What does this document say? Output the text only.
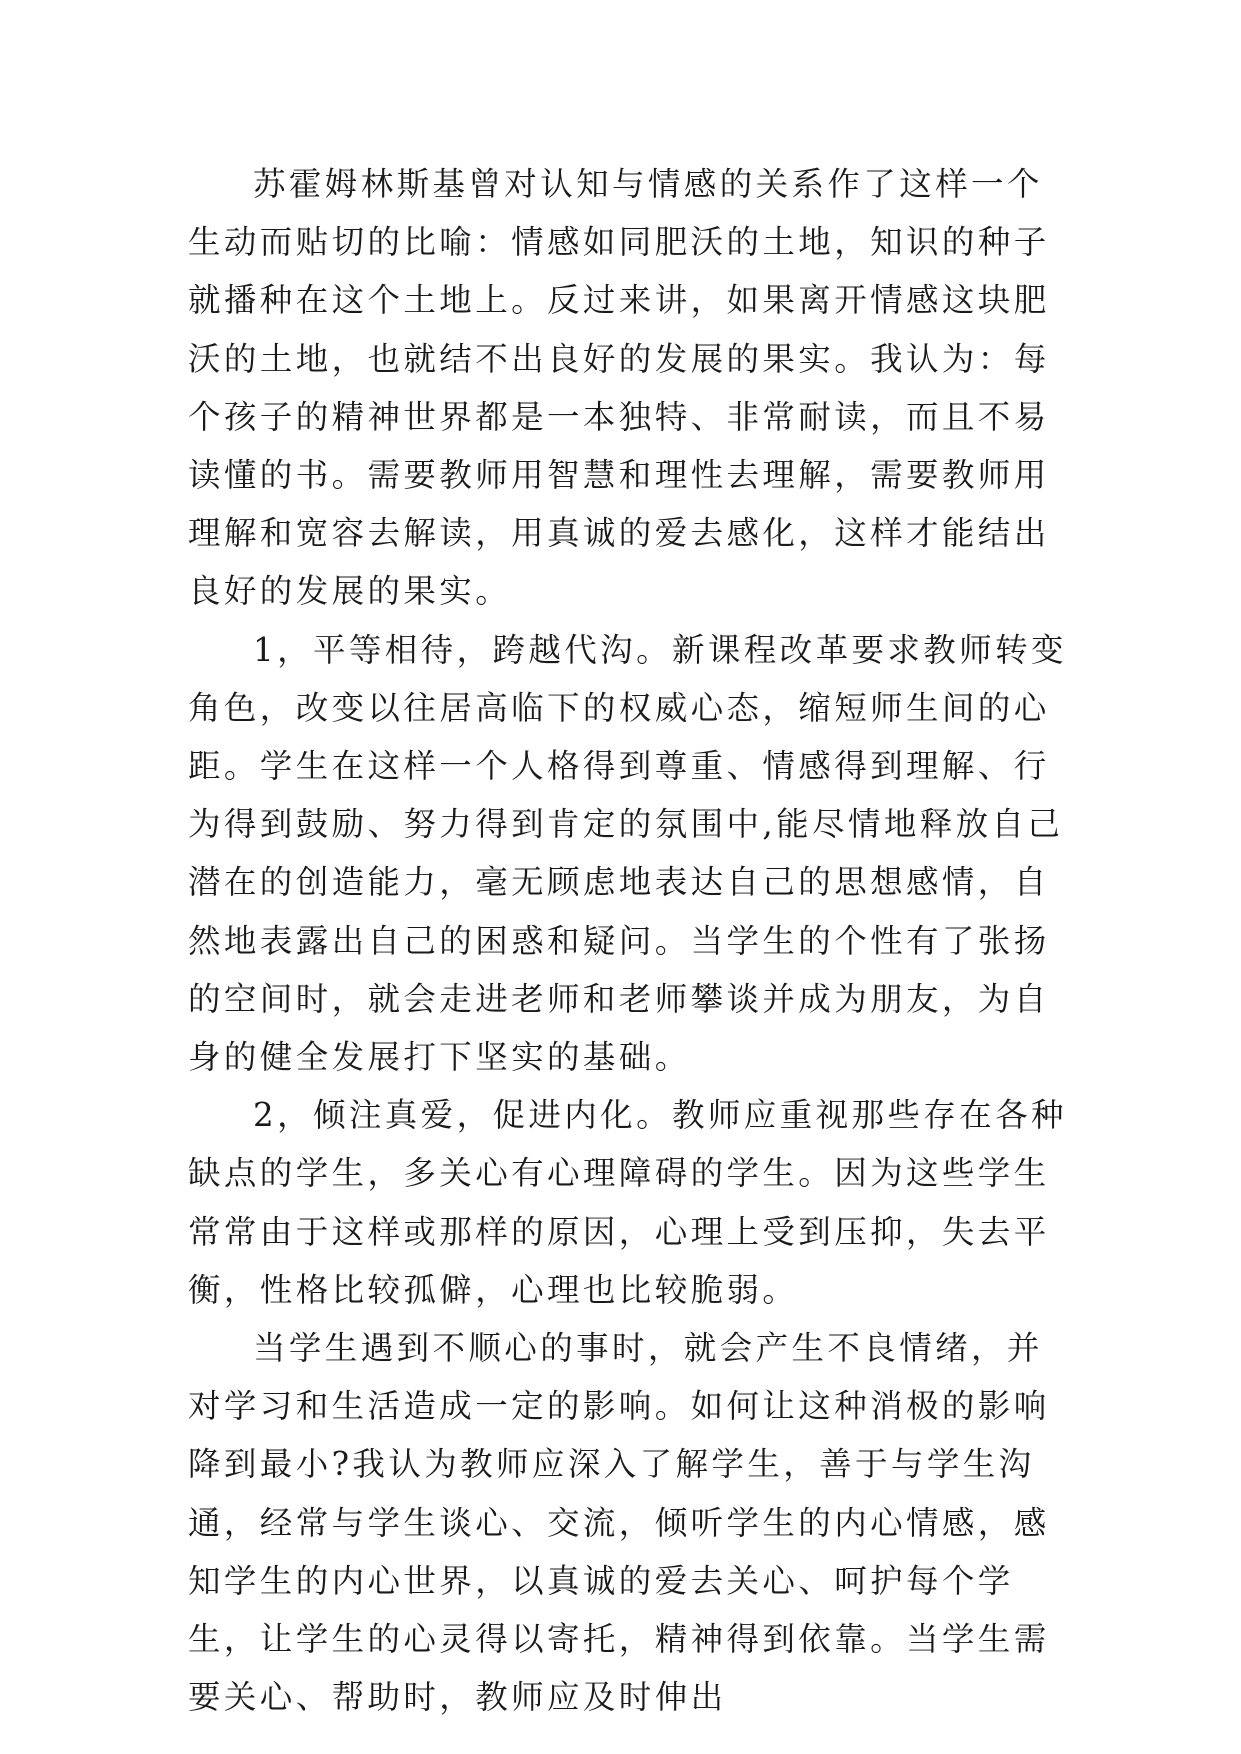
苏霍姆林斯基曾对认知与情感的关系作了这样一个生动而贴切的比喻：情感如同肥沃的土地，知识的种子就播种在这个土地上。反过来讲，如果离开情感这块肥沃的土地，也就结不出良好的发展的果实。我认为：每个孩子的精神世界都是一本独特、非常耐读，而且不易读懂的书。需要教师用智慧和理性去理解，需要教师用理解和宽容去解读，用真诚的爱去感化，这样才能结出良好的发展的果实。

1，平等相待，跨越代沟。新课程改革要求教师转变角色，改变以往居高临下的权威心态，缩短师生间的心距。学生在这样一个人格得到尊重、情感得到理解、行为得到鼓励、努力得到肯定的氛围中,能尽情地释放自己潜在的创造能力，毫无顾虑地表达自己的思想感情，自然地表露出自己的困惑和疑问。当学生的个性有了张扬的空间时，就会走进老师和老师攀谈并成为朋友，为自身的健全发展打下坚实的基础。

2，倾注真爱，促进内化。教师应重视那些存在各种缺点的学生，多关心有心理障碍的学生。因为这些学生常常由于这样或那样的原因，心理上受到压抑，失去平衡，性格比较孤僻，心理也比较脆弱。

当学生遇到不顺心的事时，就会产生不良情绪，并对学习和生活造成一定的影响。如何让这种消极的影响降到最小?我认为教师应深入了解学生，善于与学生沟通，经常与学生谈心、交流，倾听学生的内心情感，感知学生的内心世界，以真诚的爱去关心、呵护每个学生，让学生的心灵得以寄托，精神得到依靠。当学生需要关心、帮助时，教师应及时伸出
